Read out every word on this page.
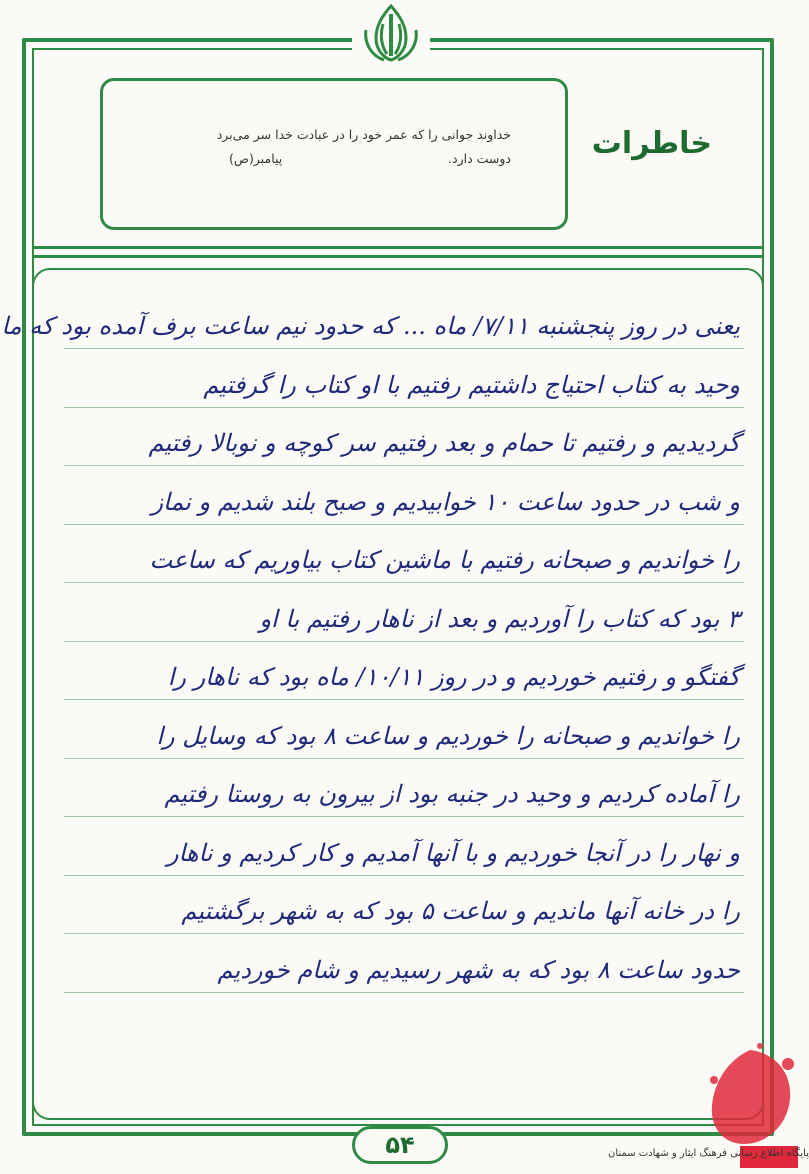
خداوند جوانی را که عمر خود را در عبادت خدا سر می‌برد
دوست دارد.
پیامبر(ص)	خاطرات
یعنی در روز پنجشنبه ۷/۱۱/ ماه ... که حدود نیم ساعت برف آمده بود که ما
وحید به کتاب احتیاج داشتیم رفتیم با او کتاب را گرفتیم
گردیدیم و رفتیم تا حمام و بعد رفتیم سر کوچه و نوبالا رفتیم
و شب در حدود ساعت ۱۰ خوابیدیم و صبح بلند شدیم و نماز
را خواندیم و صبحانه رفتیم با ماشین کتاب بیاوریم که ساعت
۳ بود که کتاب را آوردیم و بعد از ناهار رفتیم با او
گفتگو و رفتیم خوردیم و در روز ۱۰/۱۱/ ماه بود که ناهار را
را خواندیم و صبحانه را خوردیم و ساعت ۸ بود که وسایل را
را آماده کردیم و وحید در جنبه بود از بیرون به روستا رفتیم
و نهار را در آنجا خوردیم و با آنها آمدیم و کار کردیم و ناهار
را در خانه آنها ماندیم و ساعت ۵ بود که به شهر برگشتیم
حدود ساعت ۸ بود که به شهر رسیدیم و شام خوردیم
۵۴	پایگاه اطلاع رسانی فرهنگ ایثار و شهادت سمنان
